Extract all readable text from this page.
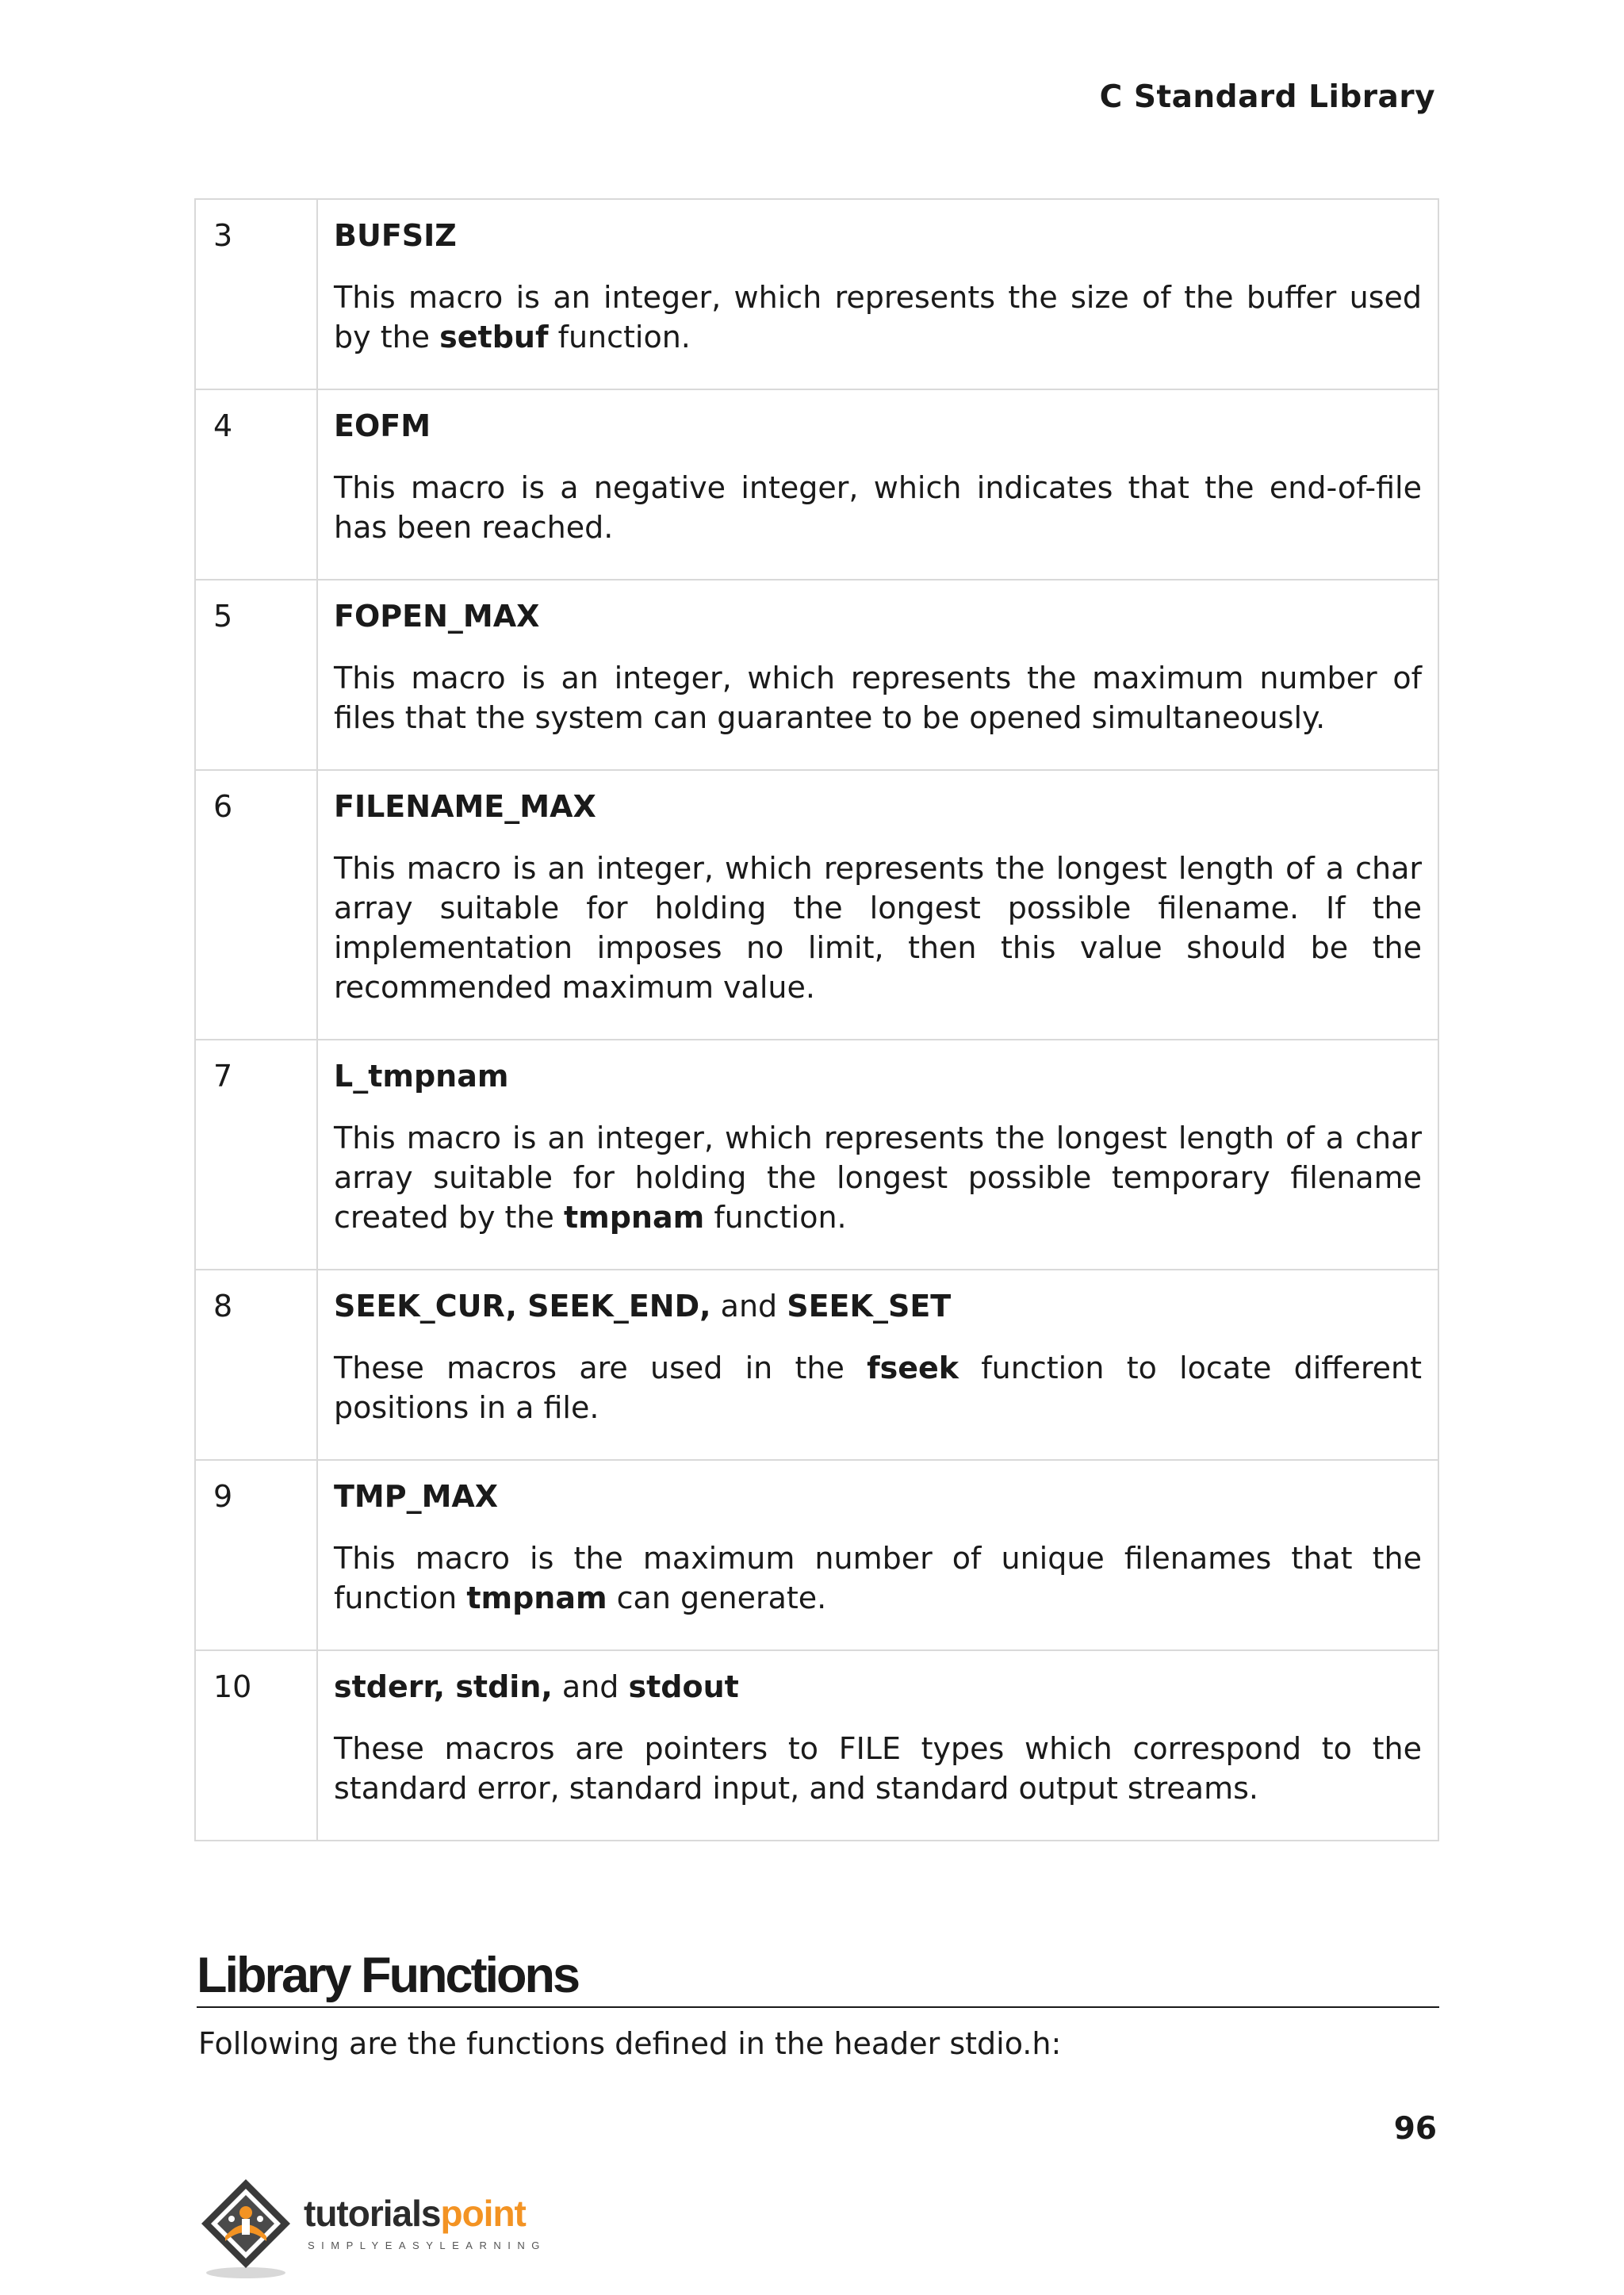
C Standard Library
3	BUFSIZ

This macro is an integer, which represents the size of the buffer used by the setbuf function.

4	EOFM

This macro is a negative integer, which indicates that the end-of-file has been reached.

5	FOPEN_MAX

This macro is an integer, which represents the maximum number of files that the system can guarantee to be opened simultaneously.

6	FILENAME_MAX

This macro is an integer, which represents the longest length of a char array suitable for holding the longest possible filename. If the implementation imposes no limit, then this value should be the recommended maximum value.

7	L_tmpnam

This macro is an integer, which represents the longest length of a char array suitable for holding the longest possible temporary filename created by the tmpnam function.

8	SEEK_CUR, SEEK_END, and SEEK_SET

These macros are used in the fseek function to locate different positions in a file.

9	TMP_MAX

This macro is the maximum number of unique filenames that the function tmpnam can generate.

10	stderr, stdin, and stdout

These macros are pointers to FILE types which correspond to the standard error, standard input, and standard output streams.

Library Functions

Following are the functions defined in the header stdio.h:

96
tutorialspoint
SIMPLYEASYLEARNING
